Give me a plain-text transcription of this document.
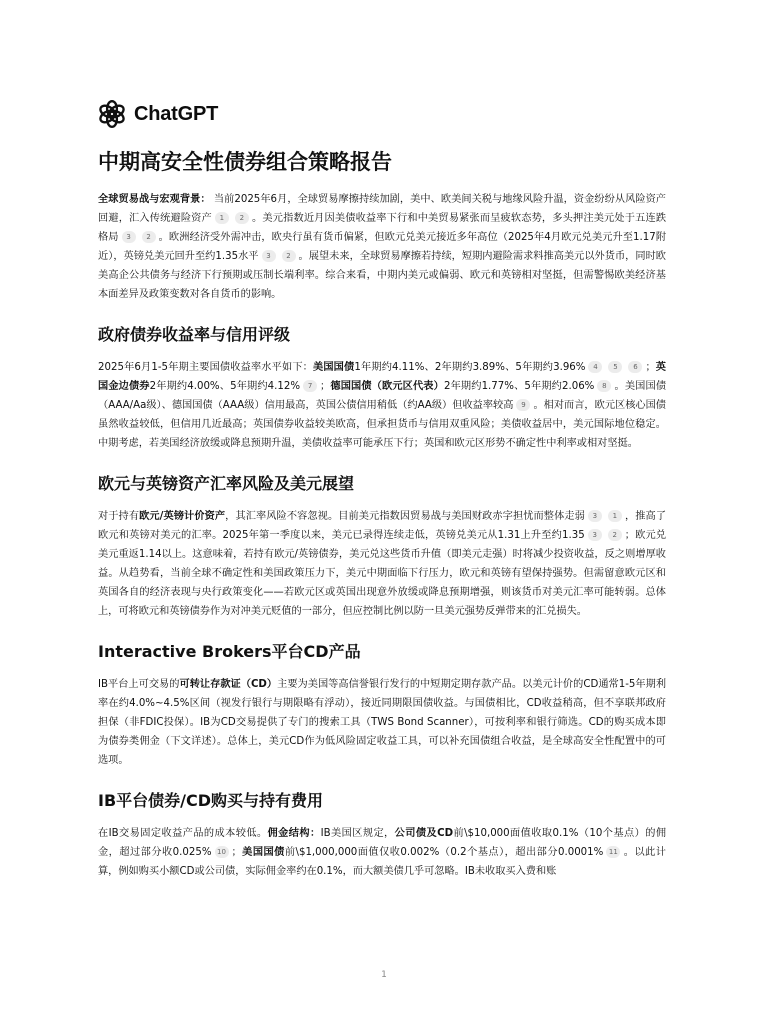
ChatGPT
中期高安全性债券组合策略报告

全球贸易战与宏观背景： 当前2025年6月，全球贸易摩擦持续加剧，美中、欧美间关税与地缘风险升温，资金纷纷从风险资产回避，汇入传统避险资产 1 2 。美元指数近月因美债收益率下行和中美贸易紧张而呈疲软态势，多头押注美元处于五连跌格局 3 2 。欧洲经济受外需冲击，欧央行虽有货币偏紧，但欧元兑美元接近多年高位（2025年4月欧元兑美元升至1.17附近），英镑兑美元回升至约1.35水平 3 2 。展望未来，全球贸易摩擦若持续，短期内避险需求料推高美元以外货币，同时欧美高企公共债务与经济下行预期或压制长端利率。综合来看，中期内美元或偏弱、欧元和英镑相对坚挺，但需警惕欧美经济基本面差异及政策变数对各自货币的影响。

政府债券收益率与信用评级

2025年6月1-5年期主要国债收益率水平如下：美国国债1年期约4.11%、2年期约3.89%、5年期约3.96% 4 5 6 ；英国金边债券2年期约4.00%、5年期约4.12% 7 ；德国国债（欧元区代表）2年期约1.77%、5年期约2.06% 8 。美国国债（AAA/Aa级）、德国国债（AAA级）信用最高，英国公债信用稍低（约AA级）但收益率较高 9 。相对而言，欧元区核心国债虽然收益较低，但信用几近最高；英国债券收益较美欧高，但承担货币与信用双重风险；美债收益居中，美元国际地位稳定。中期考虑，若美国经济放缓或降息预期升温，美债收益率可能承压下行；英国和欧元区形势不确定性中利率或相对坚挺。

欧元与英镑资产汇率风险及美元展望

对于持有欧元/英镑计价资产，其汇率风险不容忽视。目前美元指数因贸易战与美国财政赤字担忧而整体走弱 3 1 ，推高了欧元和英镑对美元的汇率。2025年第一季度以来，美元已录得连续走低，英镑兑美元从1.31上升至约1.35 3 2 ；欧元兑美元重返1.14以上。这意味着，若持有欧元/英镑债券，美元兑这些货币升值（即美元走强）时将减少投资收益，反之则增厚收益。从趋势看，当前全球不确定性和美国政策压力下，美元中期面临下行压力，欧元和英镑有望保持强势。但需留意欧元区和英国各自的经济表现与央行政策变化——若欧元区或英国出现意外放缓或降息预期增强，则该货币对美元汇率可能转弱。总体上，可将欧元和英镑债券作为对冲美元贬值的一部分，但应控制比例以防一旦美元强势反弹带来的汇兑损失。

Interactive Brokers平台CD产品

IB平台上可交易的可转让存款证（CD）主要为美国等高信誉银行发行的中短期定期存款产品。以美元计价的CD通常1-5年期利率在约4.0%~4.5%区间（视发行银行与期限略有浮动），接近同期限国债收益。与国债相比，CD收益稍高，但不享联邦政府担保（非FDIC投保）。IB为CD交易提供了专门的搜索工具（TWS Bond Scanner），可按利率和银行筛选。CD的购买成本即为债券类佣金（下文详述）。总体上，美元CD作为低风险固定收益工具，可以补充国债组合收益，是全球高安全性配置中的可选项。

IB平台债券/CD购买与持有费用

在IB交易固定收益产品的成本较低。佣金结构：IB美国区规定，公司债及CD前\$10,000面值收取0.1%（10个基点）的佣金，超过部分收0.025% 10 ；美国国债前\$1,000,000面值仅收0.002%（0.2个基点），超出部分0.0001% 11 。以此计算，例如购买小额CD或公司债，实际佣金率约在0.1%，而大额美债几乎可忽略。IB未收取买入费和账

1
